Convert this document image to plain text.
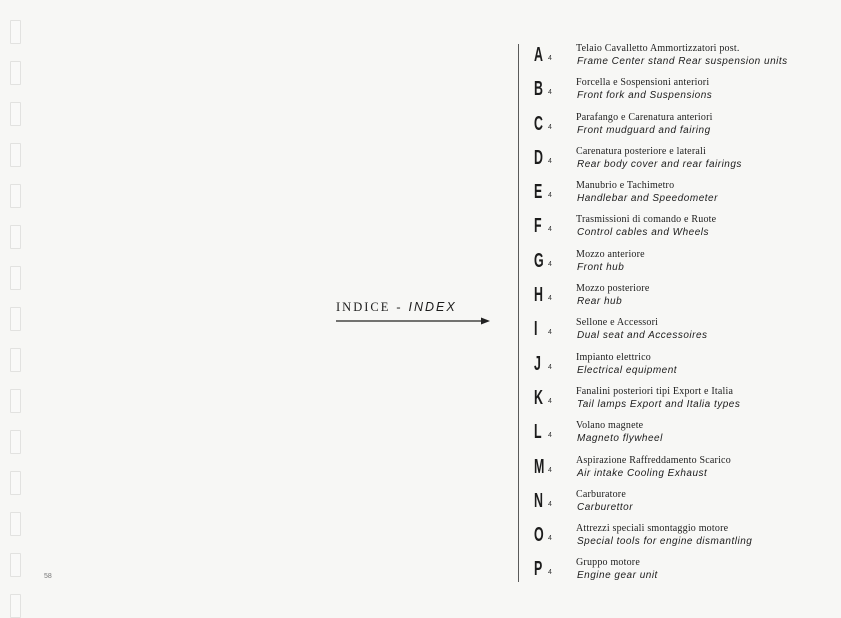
58
INDICE - INDEX
A 4
Telaio Cavalletto Ammortizzatori post.
Frame Center stand Rear suspension units
B 4
Forcella e Sospensioni anteriori
Front fork and Suspensions
C 4
Parafango e Carenatura anteriori
Front mudguard and fairing
D 4
Carenatura posteriore e laterali
Rear body cover and rear fairings
E 4
Manubrio e Tachimetro
Handlebar and Speedometer
F 4
Trasmissioni di comando e Ruote
Control cables and Wheels
G 4
Mozzo anteriore
Front hub
H 4
Mozzo posteriore
Rear hub
I	4
Sellone e Accessori
Dual seat and Accessoires
J	4
Impianto elettrico
Electrical equipment
K 4
Fanalini posteriori tipi Export e Italia
Tail lamps Export and Italia types
L 4
Volano magnete
Magneto flywheel
M 4
Aspirazione Raffreddamento Scarico
Air intake Cooling Exhaust
N 4
Carburatore
Carburettor
O 4
Attrezzi speciali smontaggio motore
Special tools for engine dismantling
P 4
Gruppo motore
Engine gear unit
